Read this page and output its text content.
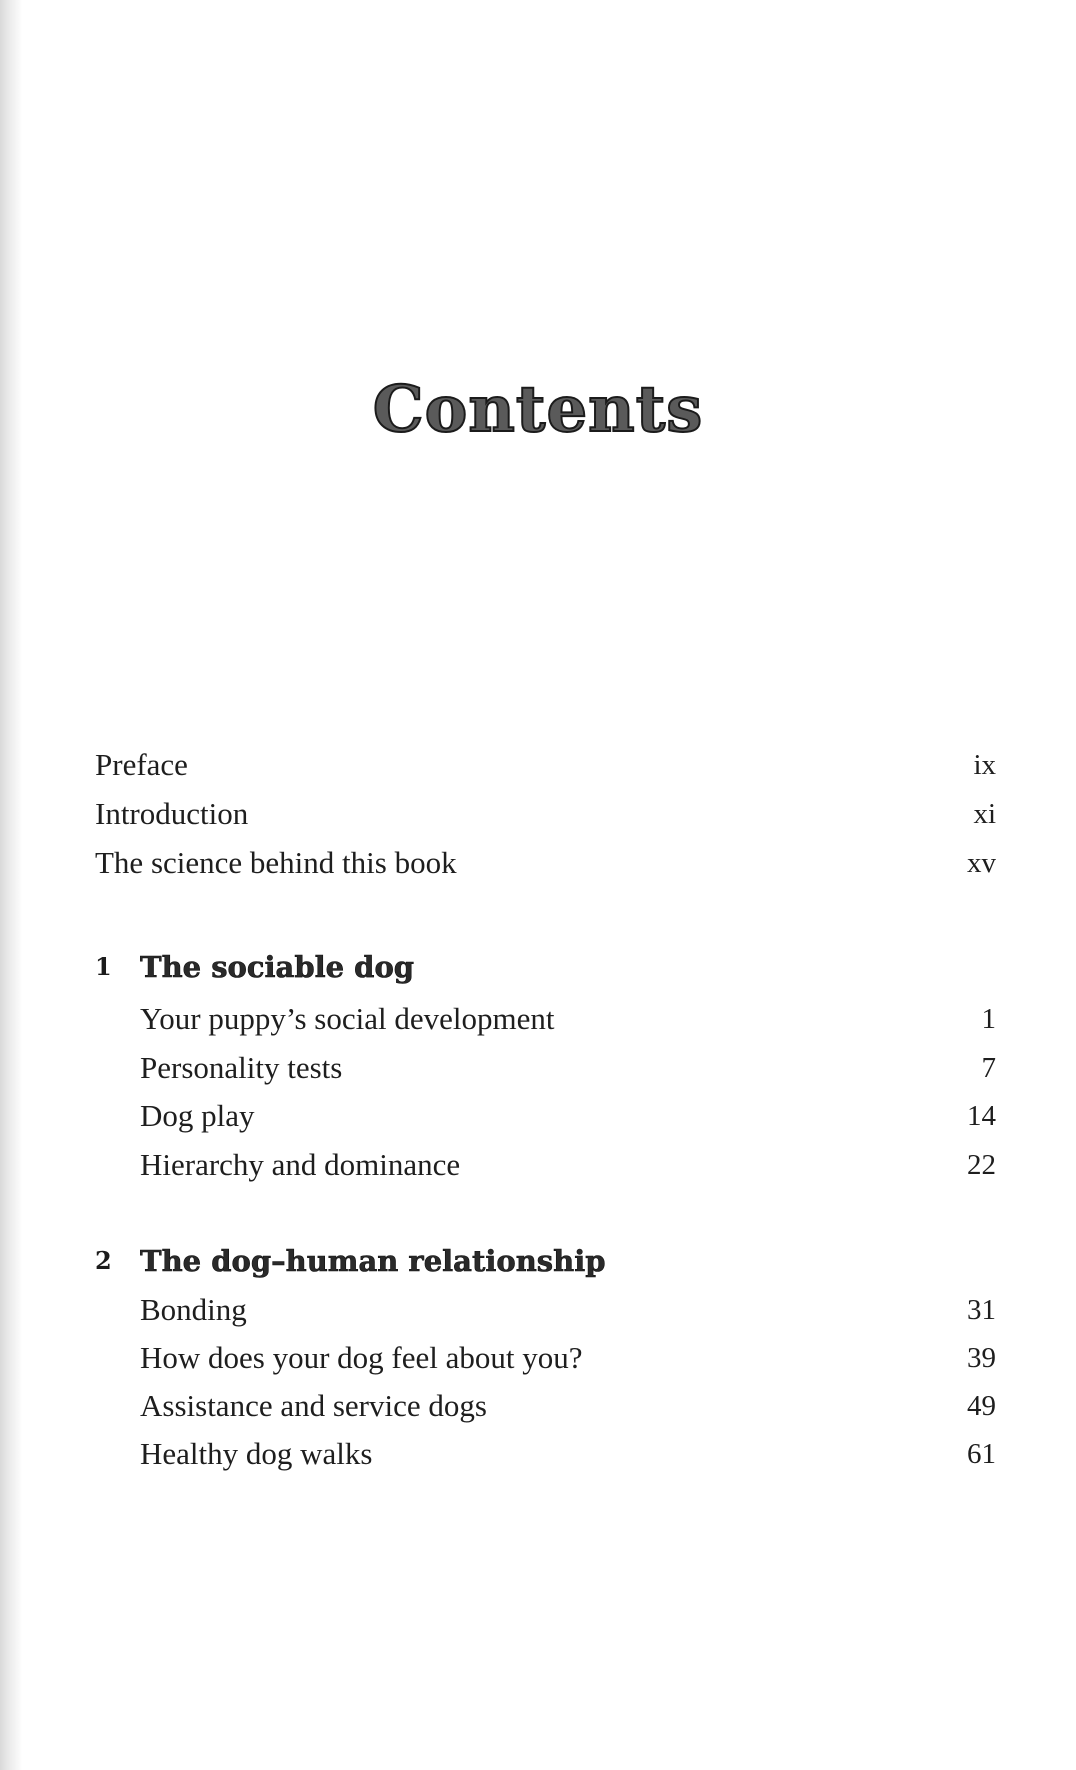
Contents
Preface	ix
Introduction	xi
The science behind this book	xv
1 The sociable dog
Your puppy’s social development	1
Personality tests	7
Dog play	14
Hierarchy and dominance	22
2 The dog–human relationship
Bonding	31
How does your dog feel about you?	39
Assistance and service dogs	49
Healthy dog walks	61
